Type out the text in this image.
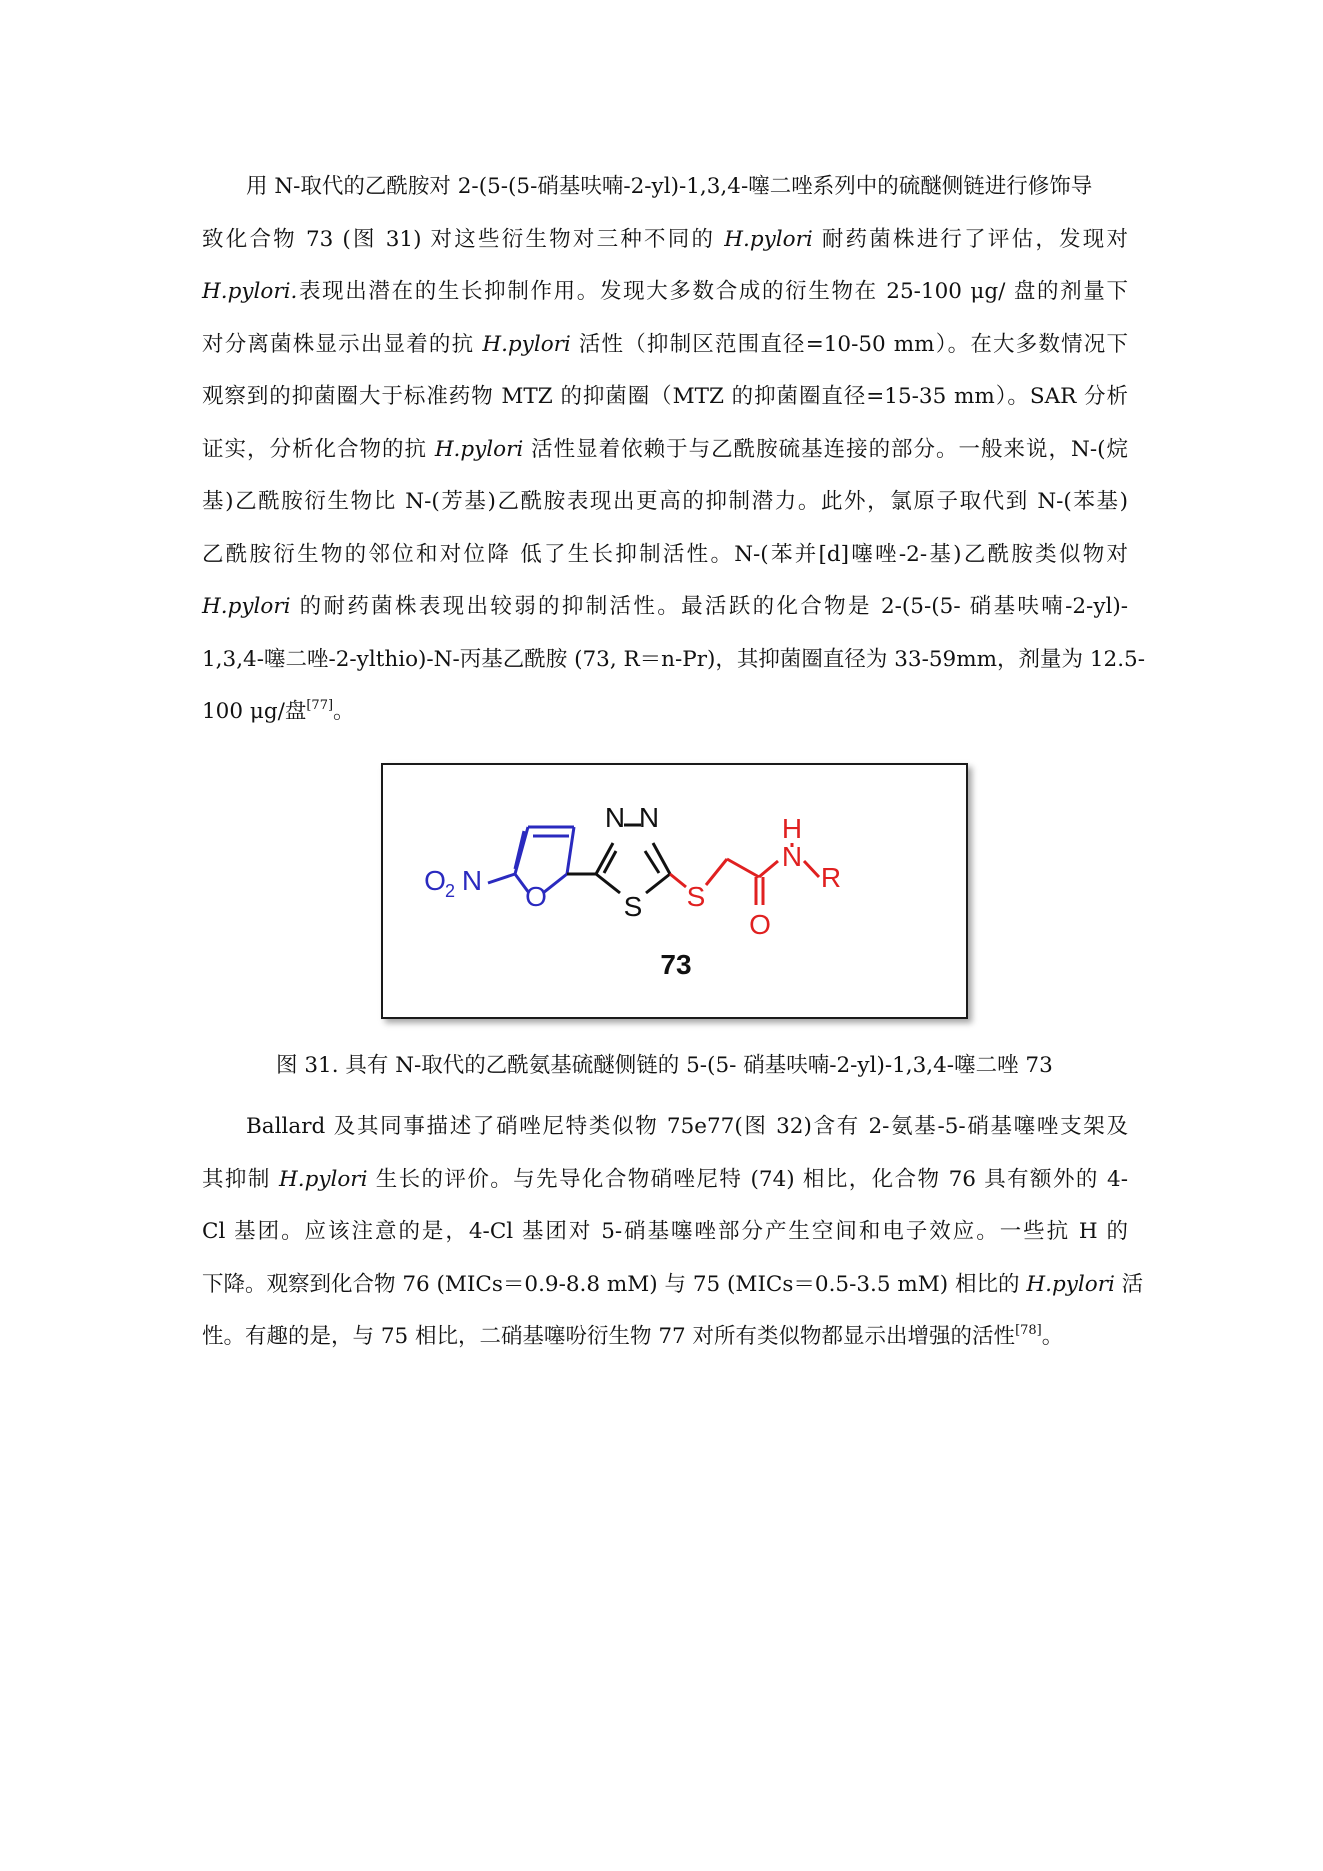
用 N-取代的乙酰胺对 2-(5-(5-硝基呋喃-2-yl)-1,3,4-噻二唑系列中的硫醚侧链进行修饰导
致化合物 73 (图 31) 对这些衍生物对三种不同的 H.pylori 耐药菌株进行了评估，发现对
H.pylori.表现出潜在的生长抑制作用。发现大多数合成的衍生物在 25-100 μg/ 盘的剂量下
对分离菌株显示出显着的抗 H.pylori 活性（抑制区范围直径=10-50 mm）。在大多数情况下
观察到的抑菌圈大于标准药物 MTZ 的抑菌圈（MTZ 的抑菌圈直径=15-35 mm）。SAR 分析
证实，分析化合物的抗 H.pylori 活性显着依赖于与乙酰胺硫基连接的部分。一般来说，N-(烷
基)乙酰胺衍生物比 N-(芳基)乙酰胺表现出更高的抑制潜力。此外，氯原子取代到 N-(苯基)
乙酰胺衍生物的邻位和对位降 低了生长抑制活性。N-(苯并[d]噻唑-2-基)乙酰胺类似物对
H.pylori 的耐药菌株表现出较弱的抑制活性。最活跃的化合物是 2-(5-(5- 硝基呋喃-2-yl)-
1,3,4-噻二唑-2-ylthio)-N-丙基乙酰胺 (73, R＝n-Pr)，其抑菌圈直径为 33-59mm，剂量为 12.5-
100 μg/盘[77]。
O 2 N
O
N N
S S
H
N
R
O
73
图 31. 具有 N-取代的乙酰氨基硫醚侧链的 5-(5- 硝基呋喃-2-yl)-1,3,4-噻二唑 73
Ballard 及其同事描述了硝唑尼特类似物 75e77(图 32)含有 2-氨基-5-硝基噻唑支架及
其抑制 H.pylori 生长的评价。与先导化合物硝唑尼特 (74) 相比，化合物 76 具有额外的 4-
Cl 基团。应该注意的是，4-Cl 基团对 5-硝基噻唑部分产生空间和电子效应。一些抗 H 的
下降。观察到化合物 76 (MICs＝0.9-8.8 mM) 与 75 (MICs＝0.5-3.5 mM) 相比的 H.pylori 活
性。有趣的是，与 75 相比，二硝基噻吩衍生物 77 对所有类似物都显示出增强的活性[78]。
